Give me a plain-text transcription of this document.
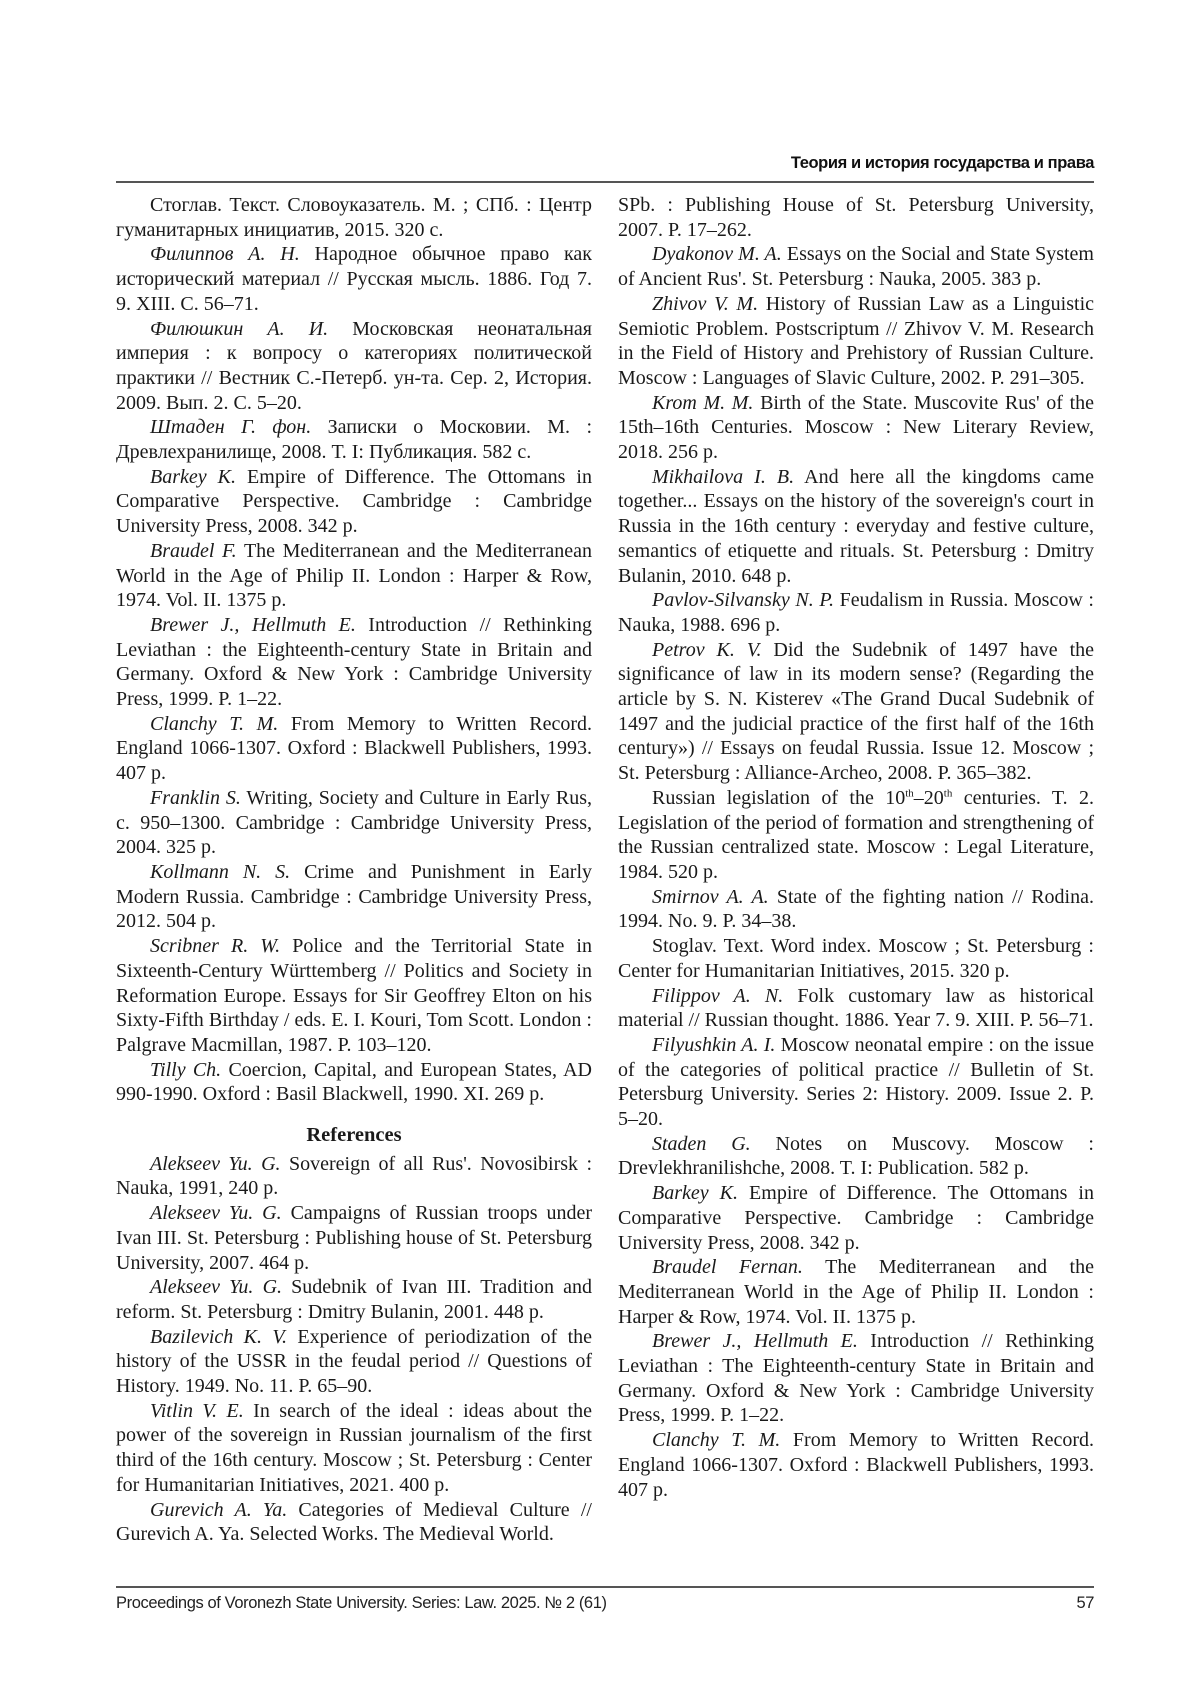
Теория и история государства и права

Стоглав. Текст. Словоуказатель. М. ; СПб. : Центр гуманитарных инициатив, 2015. 320 с.

Филиппов А. Н. Народное обычное право как исторический материал // Русская мысль. 1886. Год 7. 9. XIII. С. 56–71.

Филюшкин А. И. Московская неонатальная империя : к вопросу о категориях политической практики // Вестник С.-Петерб. ун-та. Сер. 2, История. 2009. Вып. 2. С. 5–20.

Штаден Г. фон. Записки о Московии. М. : Древлехранилище, 2008. Т. I: Публикация. 582 с.

Barkey K. Empire of Difference. The Ottomans in Comparative Perspective. Cambridge : Cambridge University Press, 2008. 342 p.

Braudel F. The Mediterranean and the Mediterranean World in the Age of Philip II. London : Harper & Row, 1974. Vol. II. 1375 p.

Brewer J., Hellmuth E. Introduction // Rethinking Leviathan : the Eighteenth-century State in Britain and Germany. Oxford & New York : Cambridge University Press, 1999. P. 1–22.

Clanchy T. M. From Memory to Written Record. England 1066-1307. Oxford : Blackwell Publishers, 1993. 407 p.

Franklin S. Writing, Society and Culture in Early Rus, c. 950–1300. Cambridge : Cambridge University Press, 2004. 325 p.

Kollmann N. S. Crime and Punishment in Early Modern Russia. Cambridge : Cambridge University Press, 2012. 504 p.

Scribner R. W. Police and the Territorial State in Sixteenth-Century Württemberg // Politics and Society in Reformation Europe. Essays for Sir Geoffrey Elton on his Sixty-Fifth Birthday / eds. E. I. Kouri, Tom Scott. London : Palgrave Macmillan, 1987. P. 103–120.

Tilly Ch. Coercion, Capital, and European States, AD 990-1990. Oxford : Basil Blackwell, 1990. XI. 269 p.

References

Alekseev Yu. G. Sovereign of all Rus'. Novosibirsk : Nauka, 1991, 240 p.

Alekseev Yu. G. Campaigns of Russian troops under Ivan III. St. Petersburg : Publishing house of St. Petersburg University, 2007. 464 p.

Alekseev Yu. G. Sudebnik of Ivan III. Tradition and reform. St. Petersburg : Dmitry Bulanin, 2001. 448 p.

Bazilevich K. V. Experience of periodization of the history of the USSR in the feudal period // Questions of History. 1949. No. 11. P. 65–90.

Vitlin V. E. In search of the ideal : ideas about the power of the sovereign in Russian journalism of the first third of the 16th century. Moscow ; St. Petersburg : Center for Humanitarian Initiatives, 2021. 400 p.

Gurevich A. Ya. Categories of Medieval Culture // Gurevich A. Ya. Selected Works. The Medieval World.

SPb. : Publishing House of St. Petersburg University, 2007. P. 17–262.

Dyakonov M. A. Essays on the Social and State System of Ancient Rus'. St. Petersburg : Nauka, 2005. 383 p.

Zhivov V. M. History of Russian Law as a Linguistic Semiotic Problem. Postscriptum // Zhivov V. M. Research in the Field of History and Prehistory of Russian Culture. Moscow : Languages of Slavic Culture, 2002. P. 291–305.

Krom M. M. Birth of the State. Muscovite Rus' of the 15th–16th Centuries. Moscow : New Literary Review, 2018. 256 p.

Mikhailova I. B. And here all the kingdoms came together... Essays on the history of the sovereign's court in Russia in the 16th century : everyday and festive culture, semantics of etiquette and rituals. St. Petersburg : Dmitry Bulanin, 2010. 648 p.

Pavlov-Silvansky N. P. Feudalism in Russia. Moscow : Nauka, 1988. 696 p.

Petrov K. V. Did the Sudebnik of 1497 have the significance of law in its modern sense? (Regarding the article by S. N. Kisterev «The Grand Ducal Sudebnik of 1497 and the judicial practice of the first half of the 16th century») // Essays on feudal Russia. Issue 12. Moscow ; St. Petersburg : Alliance-Archeo, 2008. P. 365–382.

Russian legislation of the 10th–20th centuries. T. 2. Legislation of the period of formation and strengthening of the Russian centralized state. Moscow : Legal Literature, 1984. 520 p.

Smirnov A. A. State of the fighting nation // Rodina. 1994. No. 9. P. 34–38.

Stoglav. Text. Word index. Moscow ; St. Petersburg : Center for Humanitarian Initiatives, 2015. 320 p.

Filippov A. N. Folk customary law as historical material // Russian thought. 1886. Year 7. 9. XIII. P. 56–71.

Filyushkin A. I. Moscow neonatal empire : on the issue of the categories of political practice // Bulletin of St. Petersburg University. Series 2: History. 2009. Issue 2. P. 5–20.

Staden G. Notes on Muscovy. Moscow : Drevlekhranilishche, 2008. T. I: Publication. 582 p.

Barkey K. Empire of Difference. The Ottomans in Comparative Perspective. Cambridge : Cambridge University Press, 2008. 342 p.

Braudel Fernan. The Mediterranean and the Mediterranean World in the Age of Philip II. London : Harper & Row, 1974. Vol. II. 1375 p.

Brewer J., Hellmuth E. Introduction // Rethinking Leviathan : The Eighteenth-century State in Britain and Germany. Oxford & New York : Cambridge University Press, 1999. P. 1–22.

Clanchy T. M. From Memory to Written Record. England 1066-1307. Oxford : Blackwell Publishers, 1993. 407 p.

Proceedings of Voronezh State University. Series: Law. 2025. № 2 (61)	57
